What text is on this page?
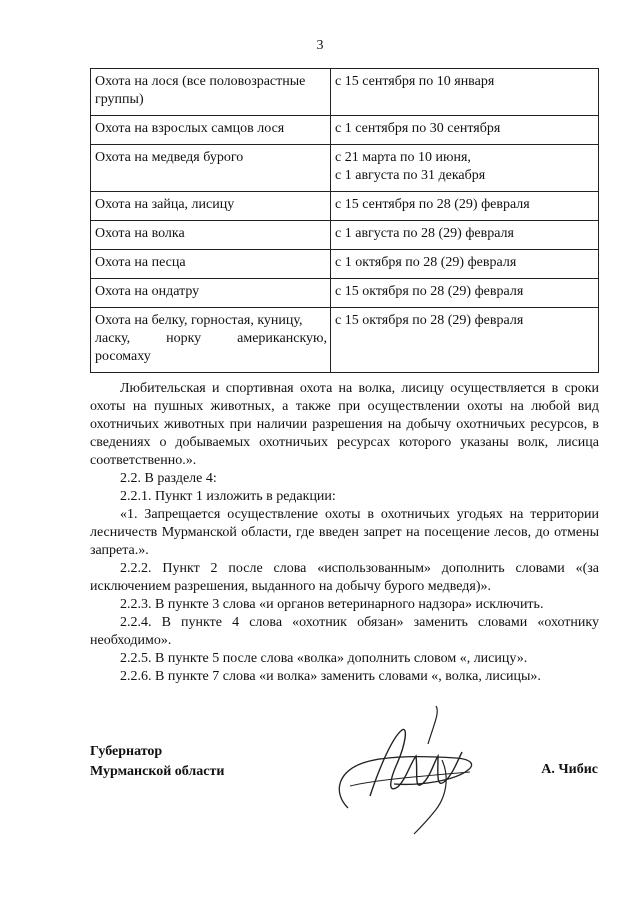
3
Охота на лося (все половозрастные
группы)	с 15 сентября по 10 января

Охота на взрослых самцов лося	с 1 сентября по 30 сентября

Охота на медведя бурого	с 21 марта по 10 июня,
с 1 августа по 31 декабря

Охота на зайца, лисицу	с 15 сентября по 28 (29) февраля

Охота на волка	с 1 августа по 28 (29) февраля

Охота на песца	с 1 октября по 28 (29) февраля

Охота на ондатру	с 15 октября по 28 (29) февраля

Охота на белку, горностая, куницу,
ласку, норку американскую,
росомаху	с 15 октября по 28 (29) февраля

Любительская и спортивная охота на волка, лисицу осуществляется в сроки охоты на пушных животных, а также при осуществлении охоты на любой вид охотничьих животных при наличии разрешения на добычу охотничьих ресурсов, в сведениях о добываемых охотничьих ресурсах которого указаны волк, лисица соответственно.».

2.2. В разделе 4:

2.2.1. Пункт 1 изложить в редакции:

«1. Запрещается осуществление охоты в охотничьих угодьях на территории лесничеств Мурманской области, где введен запрет на посещение лесов, до отмены запрета.».

2.2.2. Пункт 2 после слова «использованным» дополнить словами «(за исключением разрешения, выданного на добычу бурого медведя)».

2.2.3. В пункте 3 слова «и органов ветеринарного надзора» исключить.

2.2.4. В пункте 4 слова «охотник обязан» заменить словами «охотнику необходимо».

2.2.5. В пункте 5 после слова «волка» дополнить словом «, лисицу».

2.2.6. В пункте 7 слова «и волка» заменить словами «, волка, лисицы».

Губернатор
Мурманской области	А. Чибис
